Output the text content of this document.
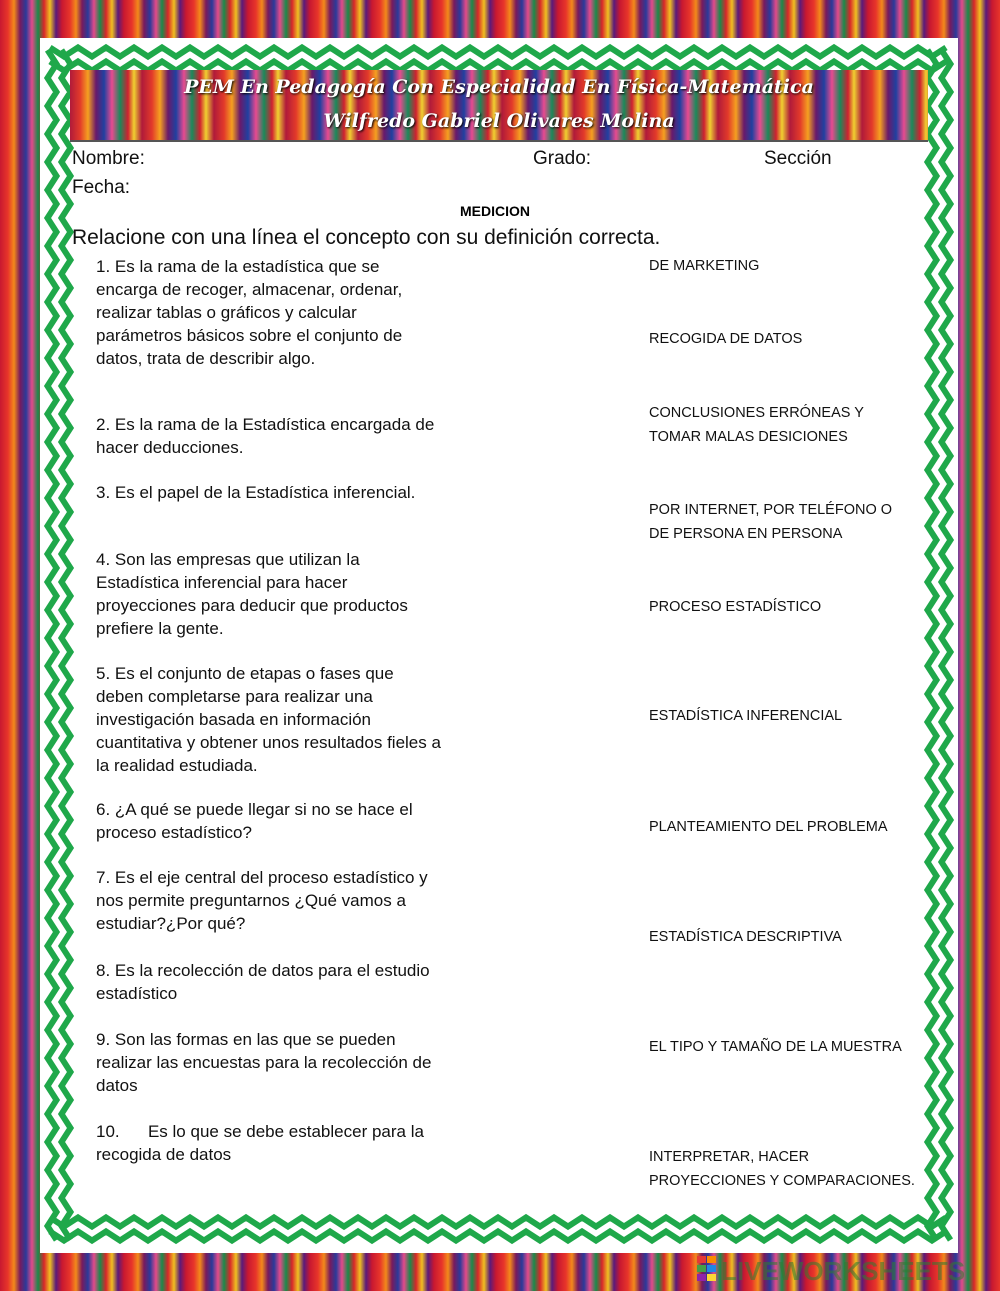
PEM En Pedagogía Con Especialidad En Física-Matemática
Wilfredo Gabriel Olivares Molina
Nombre:	Grado:	Sección
Fecha:
MEDICION
Relacione con una línea el concepto con su definición correcta.
1. Es la rama de la estadística que se encarga de recoger, almacenar, ordenar, realizar tablas o gráficos y calcular parámetros básicos sobre el conjunto de datos, trata de describir algo.
2. Es la rama de la Estadística encargada de hacer deducciones.
3. Es el papel de la Estadística inferencial.
4. Son las empresas que utilizan la Estadística inferencial para hacer proyecciones para deducir que productos prefiere la gente.
5. Es el conjunto de etapas o fases que deben completarse para realizar una investigación basada en información cuantitativa y obtener unos resultados fieles a la realidad estudiada.
6. ¿A qué se puede llegar si no se hace el proceso estadístico?
7. Es el eje central del proceso estadístico y nos permite preguntarnos ¿Qué vamos a estudiar?¿Por qué?
8. Es la recolección de datos para el estudio estadístico
9. Son las formas en las que se pueden realizar las encuestas para la recolección de datos
10.      Es lo que se debe establecer para la recogida de datos
DE MARKETING
RECOGIDA DE DATOS
CONCLUSIONES ERRÓNEAS Y TOMAR MALAS DESICIONES
POR INTERNET, POR TELÉFONO O DE PERSONA EN PERSONA
PROCESO ESTADÍSTICO
ESTADÍSTICA INFERENCIAL
PLANTEAMIENTO DEL PROBLEMA
ESTADÍSTICA DESCRIPTIVA
EL TIPO Y TAMAÑO DE LA MUESTRA
INTERPRETAR, HACER PROYECCIONES Y COMPARACIONES.
LIVEWORKSHEETS
